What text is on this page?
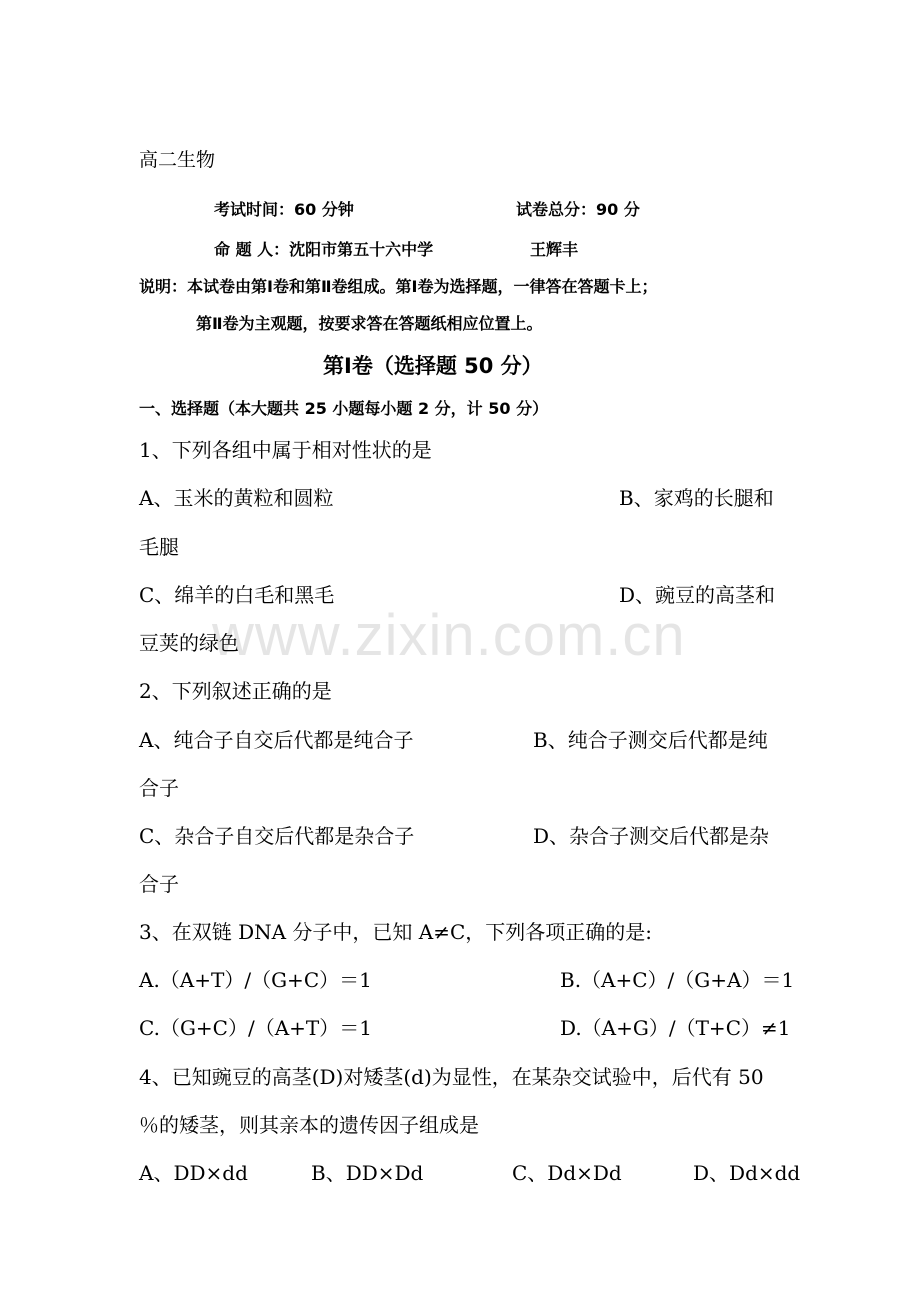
www.zixin.com.cn
高二生物
考试时间：60 分钟	试卷总分：90 分
命 题 人：沈阳市第五十六中学	王辉丰
说明：本试卷由第Ⅰ卷和第Ⅱ卷组成。第Ⅰ卷为选择题，一律答在答题卡上；
第Ⅱ卷为主观题，按要求答在答题纸相应位置上。
第Ⅰ卷（选择题 50 分）
一、选择题（本大题共 25 小题每小题 2 分，计 50 分）
1、下列各组中属于相对性状的是
A、玉米的黄粒和圆粒	B、家鸡的长腿和
毛腿
C、绵羊的白毛和黑毛	D、豌豆的高茎和
豆荚的绿色
2、下列叙述正确的是
A、纯合子自交后代都是纯合子	B、纯合子测交后代都是纯
合子
C、杂合子自交后代都是杂合子	D、杂合子测交后代都是杂
合子
3、在双链 DNA 分子中，已知 A≠C，下列各项正确的是:
A.（A+T）/（G+C）＝1	B.（A+C）/（G+A）＝1
C.（G+C）/（A+T）＝1	D.（A+G）/（T+C）≠1
4、已知豌豆的高茎(D)对矮茎(d)为显性，在某杂交试验中，后代有 50
％的矮茎，则其亲本的遗传因子组成是
A、DD×dd	B、DD×Dd	C、Dd×Dd	D、Dd×dd
